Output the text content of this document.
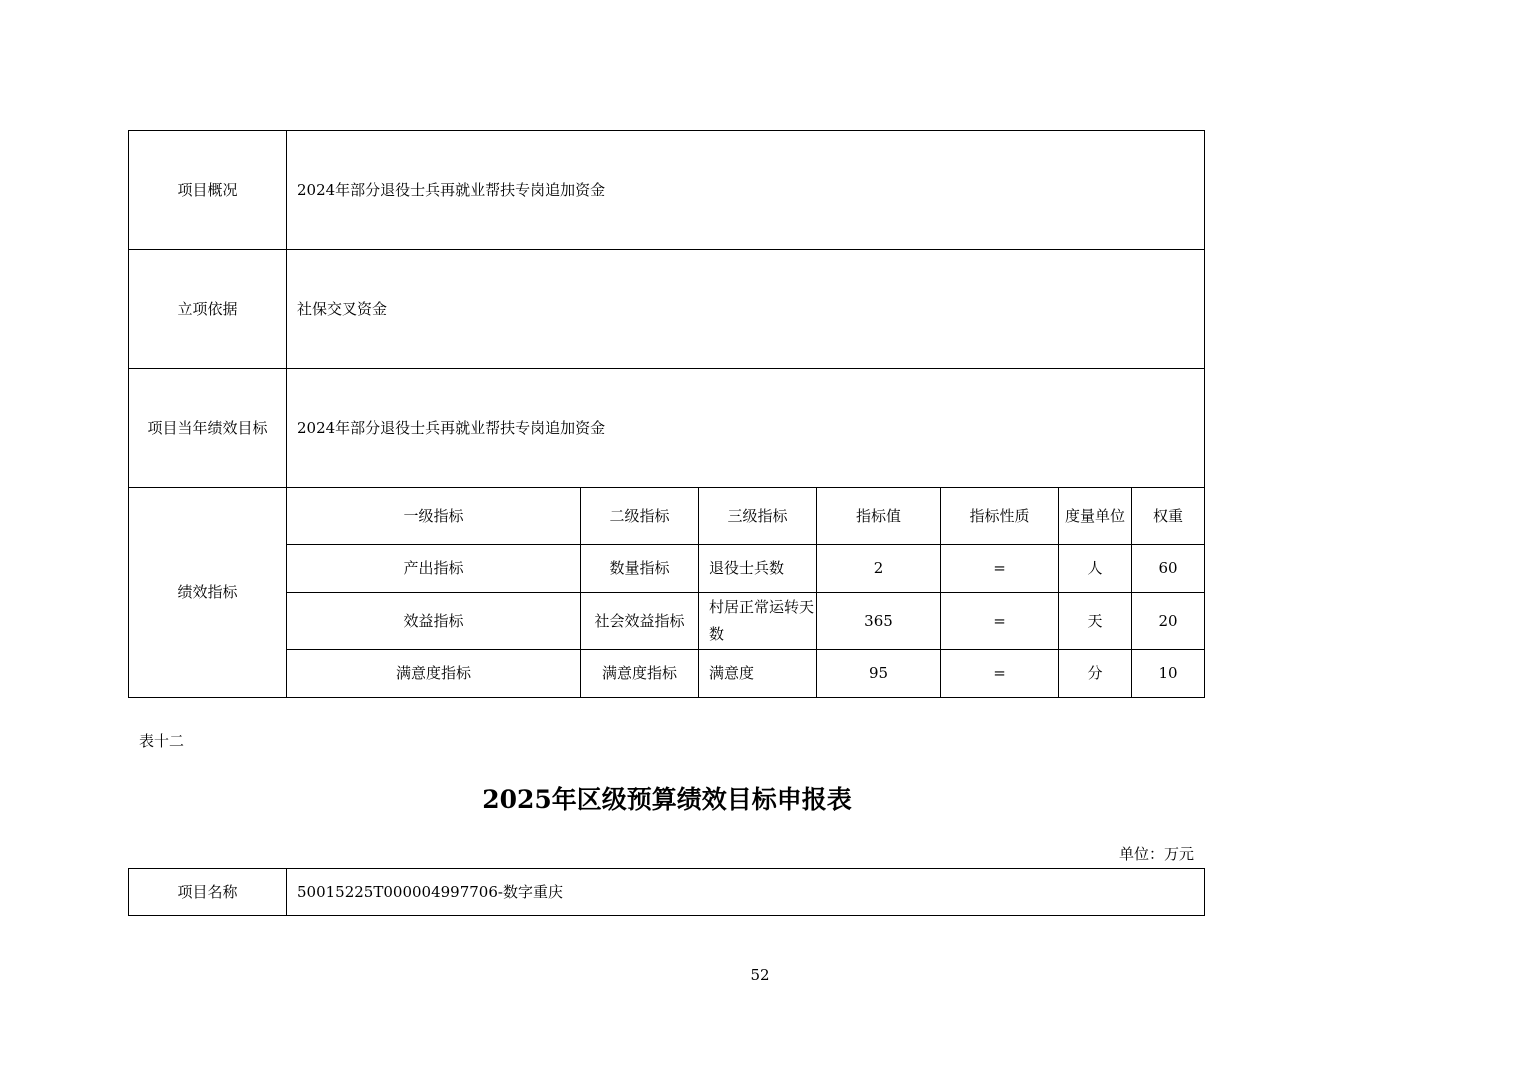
项目概况	2024年部分退役士兵再就业帮扶专岗追加资金						
立项依据	社保交叉资金						
项目当年绩效目标	2024年部分退役士兵再就业帮扶专岗追加资金						
绩效指标	一级指标	二级指标	三级指标	指标值	指标性质	度量单位	权重
	产出指标	数量指标	退役士兵数	2	=	人	60
	效益指标	社会效益指标	村居正常运转天数	365	=	天	20
	满意度指标	满意度指标	满意度	95	=	分	10
表十二
2025年区级预算绩效目标申报表
单位：万元
项目名称	50015225T000004997706-数字重庆
52
